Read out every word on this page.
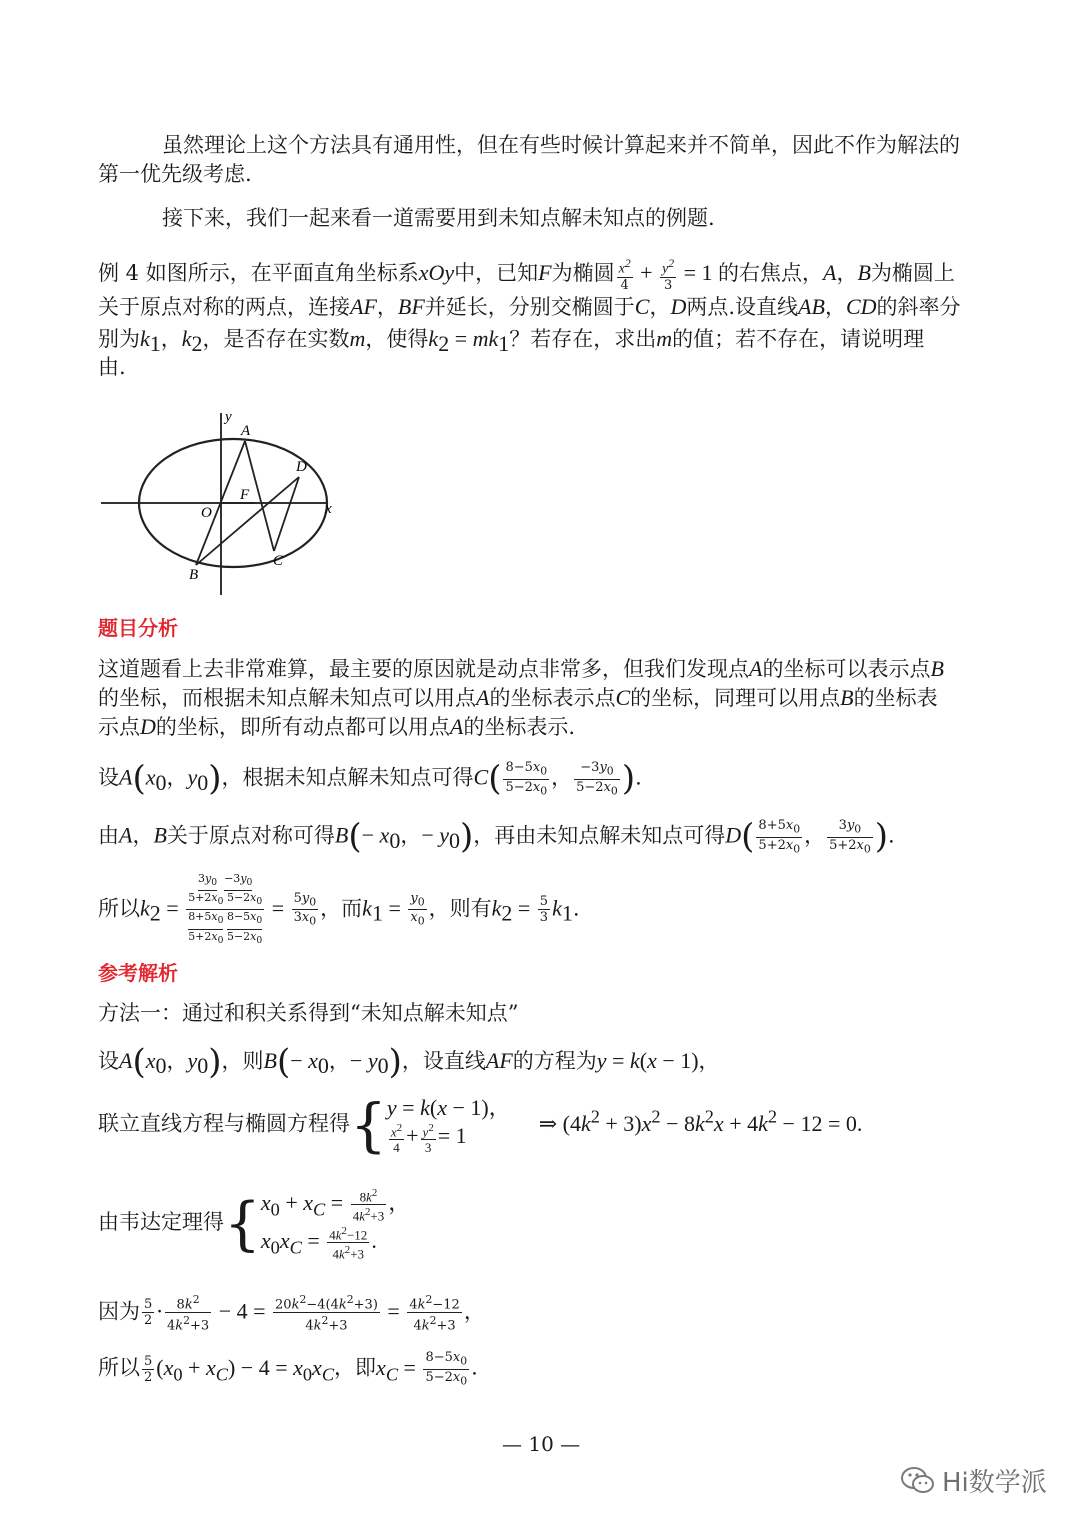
虽然理论上这个方法具有通用性，但在有些时候计算起来并不简单，因此不作为解法的第一优先级考虑.
接下来，我们一起来看一道需要用到未知点解未知点的例题.
例 4 如图所示，在平面直角坐标系xOy中，已知F为椭圆 $\frac{x^2}{4} + \frac{y^2}{3} = 1$ 的右焦点，A，B为椭圆上
关于原点对称的两点，连接AF，BF并延长，分别交椭圆于C，D两点.设直线AB，CD的斜率分
别为$k_1$，$k_2$，是否存在实数m，使得$k_2 = mk_1$？若存在，求出m的值；若不存在，请说明理
由.
y
A
D
F
O	x
C
B
题目分析
这道题看上去非常难算，最主要的原因就是动点非常多，但我们发现点A的坐标可以表示点B
的坐标，而根据未知点解未知点可以用点A的坐标表示点C的坐标，同理可以用点B的坐标表
示点D的坐标，即所有动点都可以用点A的坐标表示.
设$A(x_0$，$y_0$)，根据未知点解未知点可得$C( \frac{8-5x_0}{5-2x_0}$ ， $\frac{-3y_0}{5-2x_0}$ ).
由A，B关于原点对称可得$B(- x_0$，− $y_0$)，再由未知点解未知点可得$D( \frac{8+5x_0}{5+2x_0}$ ， $\frac{3y_0}{5+2x_0}$ ).
所以$k_2$ =
$3y_0 -3y_0$
$5+2x_0$ $5-2x_0$
$8+5x_0$ $8-5x_0$
$5+2x_0$ $5-2x_0$
= $\frac{5y_0}{3x_0}$ ，而$k_1 = \frac{y_0}{x_0}$ ，则有$k_2 = \frac{5}{3} k_1$.
参考解析
方法一：通过和积关系得到“未知点解未知点”
设$A(x_0$，$y_0$)，则$B(- x_0$，− $y_0$)，设直线AF的方程为y = k(x − 1)，
联立直线方程与椭圆方程得{ y = k(x − 1)，
$\frac{x^2}{4} + \frac{y^2}{3} = 1$
⇒ $(4k^2 + 3)x^2 - 8k^2x + 4k^2 - 12 = 0$.
由韦达定理得{ $x_0 + x_C = \frac{8k^2}{4k^2+3}$ ，
$x_0x_C = \frac{4k^2-12}{4k^2+3}$ .
因为 $\frac{5}{2} \cdot \frac{8k^2}{4k^2+3} - 4 = \frac{20k^2-4(4k^2+3)}{4k^2+3} = \frac{4k^2-12}{4k^2+3}$ ，
所以 $\frac{5}{2} (x_0 + x_C) - 4 = x_0x_C$，即$x_C = \frac{8-5x_0}{5-2x_0}$ .
— 10 —
Hi数学派
